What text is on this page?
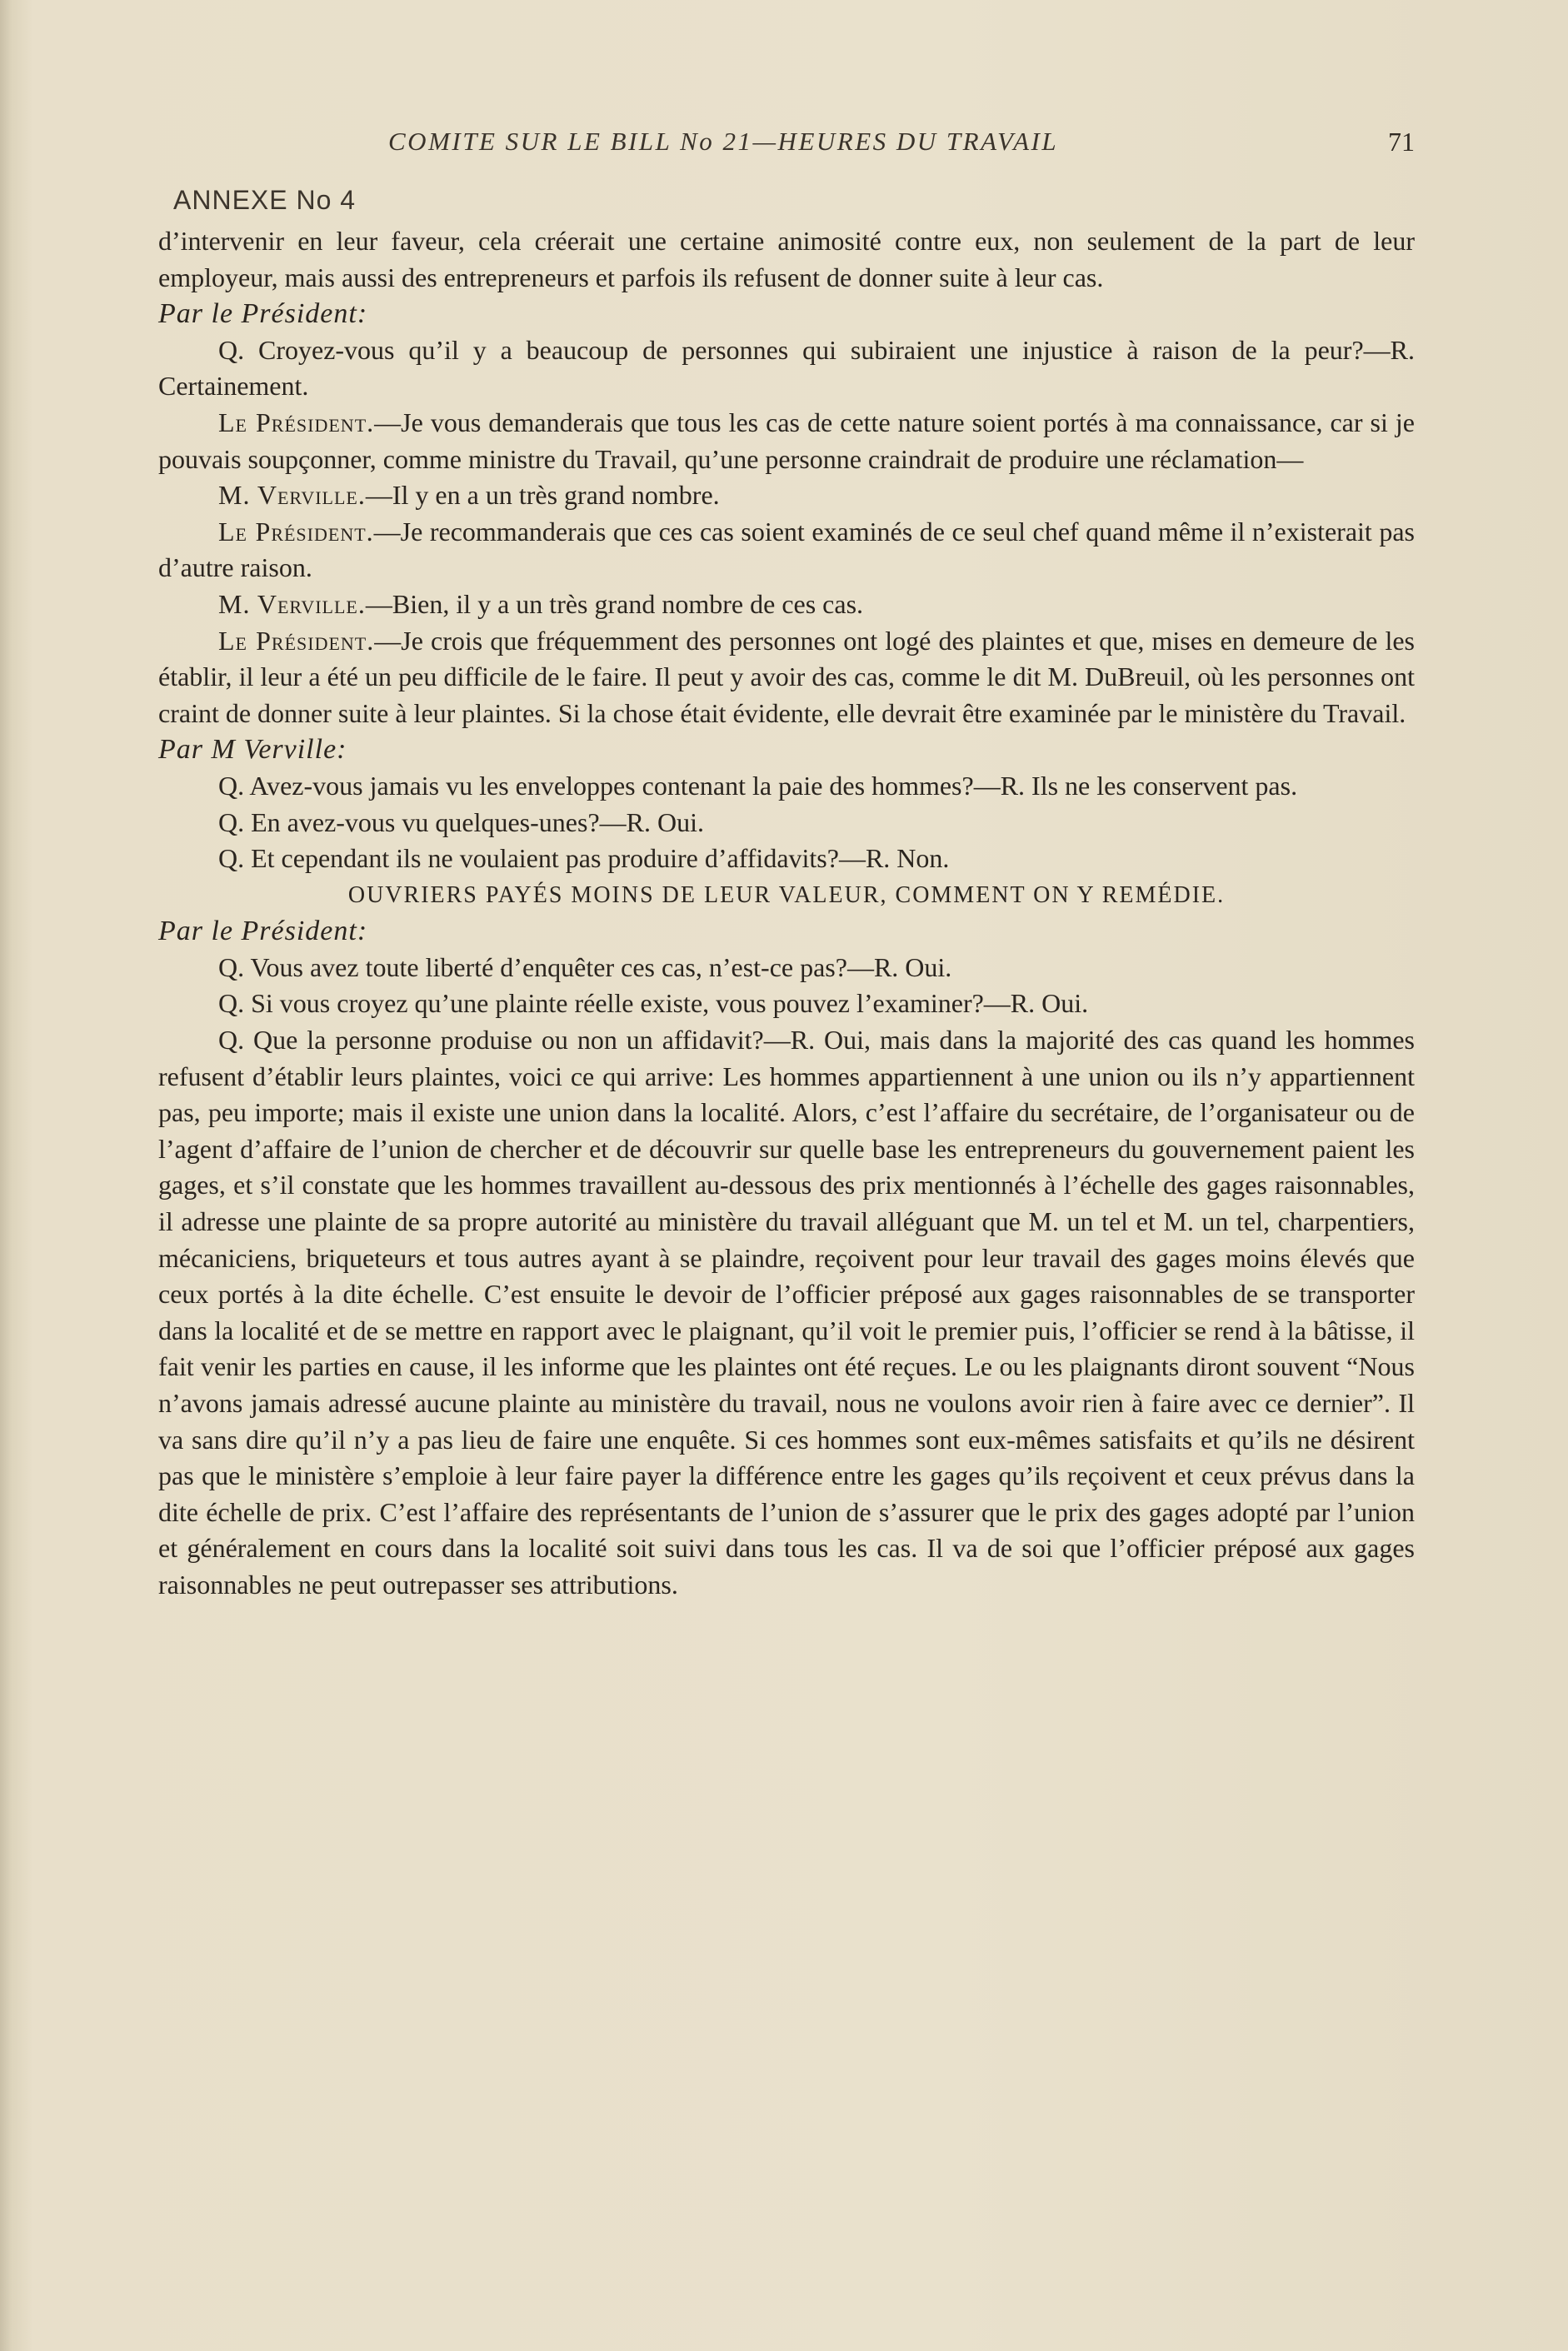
COMITE SUR LE BILL No 21—HEURES DU TRAVAIL	71
ANNEXE No 4

d’intervenir en leur faveur, cela créerait une certaine animosité contre eux, non seulement de la part de leur employeur, mais aussi des entrepreneurs et parfois ils refusent de donner suite à leur cas.

Par le Président:

Q. Croyez-vous qu’il y a beaucoup de personnes qui subiraient une injustice à raison de la peur?—R. Certainement.

Le Président.—Je vous demanderais que tous les cas de cette nature soient portés à ma connaissance, car si je pouvais soupçonner, comme ministre du Travail, qu’une personne craindrait de produire une réclamation—

M. Verville.—Il y en a un très grand nombre.

Le Président.—Je recommanderais que ces cas soient examinés de ce seul chef quand même il n’existerait pas d’autre raison.

M. Verville.—Bien, il y a un très grand nombre de ces cas.

Le Président.—Je crois que fréquemment des personnes ont logé des plaintes et que, mises en demeure de les établir, il leur a été un peu difficile de le faire. Il peut y avoir des cas, comme le dit M. DuBreuil, où les personnes ont craint de donner suite à leur plaintes. Si la chose était évidente, elle devrait être examinée par le ministère du Travail.

Par M Verville:

Q. Avez-vous jamais vu les enveloppes contenant la paie des hommes?—R. Ils ne les conservent pas.

Q. En avez-vous vu quelques-unes?—R. Oui.

Q. Et cependant ils ne voulaient pas produire d’affidavits?—R. Non.

OUVRIERS PAYÉS MOINS DE LEUR VALEUR, COMMENT ON Y REMÉDIE.

Par le Président:

Q. Vous avez toute liberté d’enquêter ces cas, n’est-ce pas?—R. Oui.

Q. Si vous croyez qu’une plainte réelle existe, vous pouvez l’examiner?—R. Oui.

Q. Que la personne produise ou non un affidavit?—R. Oui, mais dans la majorité des cas quand les hommes refusent d’établir leurs plaintes, voici ce qui arrive: Les hommes appartiennent à une union ou ils n’y appartiennent pas, peu importe; mais il existe une union dans la localité. Alors, c’est l’affaire du secrétaire, de l’organisateur ou de l’agent d’affaire de l’union de chercher et de découvrir sur quelle base les entrepreneurs du gouvernement paient les gages, et s’il constate que les hommes travaillent au-dessous des prix mentionnés à l’échelle des gages raisonnables, il adresse une plainte de sa propre autorité au ministère du travail alléguant que M. un tel et M. un tel, charpentiers, mécaniciens, briqueteurs et tous autres ayant à se plaindre, reçoivent pour leur travail des gages moins élevés que ceux portés à la dite échelle. C’est ensuite le devoir de l’officier préposé aux gages raisonnables de se transporter dans la localité et de se mettre en rapport avec le plaignant, qu’il voit le premier puis, l’officier se rend à la bâtisse, il fait venir les parties en cause, il les informe que les plaintes ont été reçues. Le ou les plaignants diront souvent “Nous n’avons jamais adressé aucune plainte au ministère du travail, nous ne voulons avoir rien à faire avec ce dernier”. Il va sans dire qu’il n’y a pas lieu de faire une enquête. Si ces hommes sont eux-mêmes satisfaits et qu’ils ne désirent pas que le ministère s’emploie à leur faire payer la différence entre les gages qu’ils reçoivent et ceux prévus dans la dite échelle de prix. C’est l’affaire des représentants de l’union de s’assurer que le prix des gages adopté par l’union et généralement en cours dans la localité soit suivi dans tous les cas. Il va de soi que l’officier préposé aux gages raisonnables ne peut outrepasser ses attributions.
